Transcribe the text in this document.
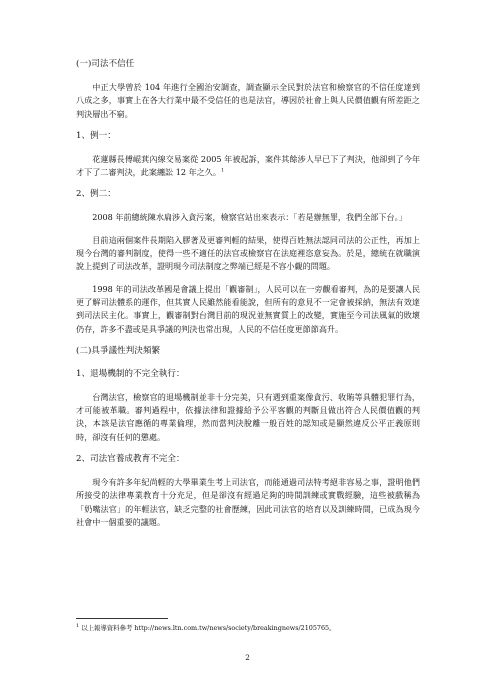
(一)司法不信任

中正大學曾於 104 年進行全國治安調查，調查顯示全民對於法官和檢察官的不信任度達到八成之多，事實上在各大行業中最不受信任的也是法官，導因於社會上與人民價值觀有所差距之判決層出不窮。

1、例一：

花蓮縣長傅崐萁內線交易案從 2005 年被起訴，案件其餘涉人早已下了判決，他卻到了今年才下了二審判決，此案纏訟 12 年之久。$^1$

2、例二：

2008 年前總統陳水扁涉入貪污案，檢察官站出來表示：「若是辦無罪，我們全部下台。」

目前這兩個案件長期陷入膠著及更審判輕的結果，使得百姓無法認同司法的公正性，再加上現今台灣的審判制度，使得一些不適任的法官或檢察官在法庭裡恣意妄為。於是，總統在就職演說上提到了司法改革，證明現今司法制度之弊端已經是不容小覷的問題。

1998 年的司法改革國是會議上提出「觀審制」，人民可以在一旁觀看審判，為的是要讓人民更了解司法體系的運作，但其實人民雖然能看能說，但所有的意見不一定會被採納，無法有效達到司法民主化。事實上，觀審制對台灣目前的現況並無實質上的改變，實施至今司法風氣的敗壞仍存，許多不盡或是具爭議的判決也常出現，人民的不信任度更節節高升。

(二)具爭議性判決頻繁

1、退場機制的不完全執行：

台灣法官，檢察官的退場機制並非十分完美，只有遇到重案像貪污、收賄等具體犯罪行為，才可能被革職。審判過程中，依據法律和證據給予公平客觀的判斷且做出符合人民價值觀的判決，本該是法官應循的專業倫理，然而當判決脫離一般百姓的認知或是顯然違反公平正義原則時，卻沒有任何的懲處。

2、司法官養成教育不完全：

現今有許多年紀尚輕的大學畢業生考上司法官，而能通過司法特考絕非容易之事，證明他們所接受的法律專業教育十分充足，但是卻沒有經過足夠的時間訓練或實戰經驗，這些被戲稱為「奶嘴法官」的年輕法官，缺乏完整的社會歷練，因此司法官的培育以及訓練時間，已成為現今社會中一個重要的議題。

$^1$ 以上報導資料參考 http://news.ltn.com.tw/news/society/breakingnews/2105765。
2
